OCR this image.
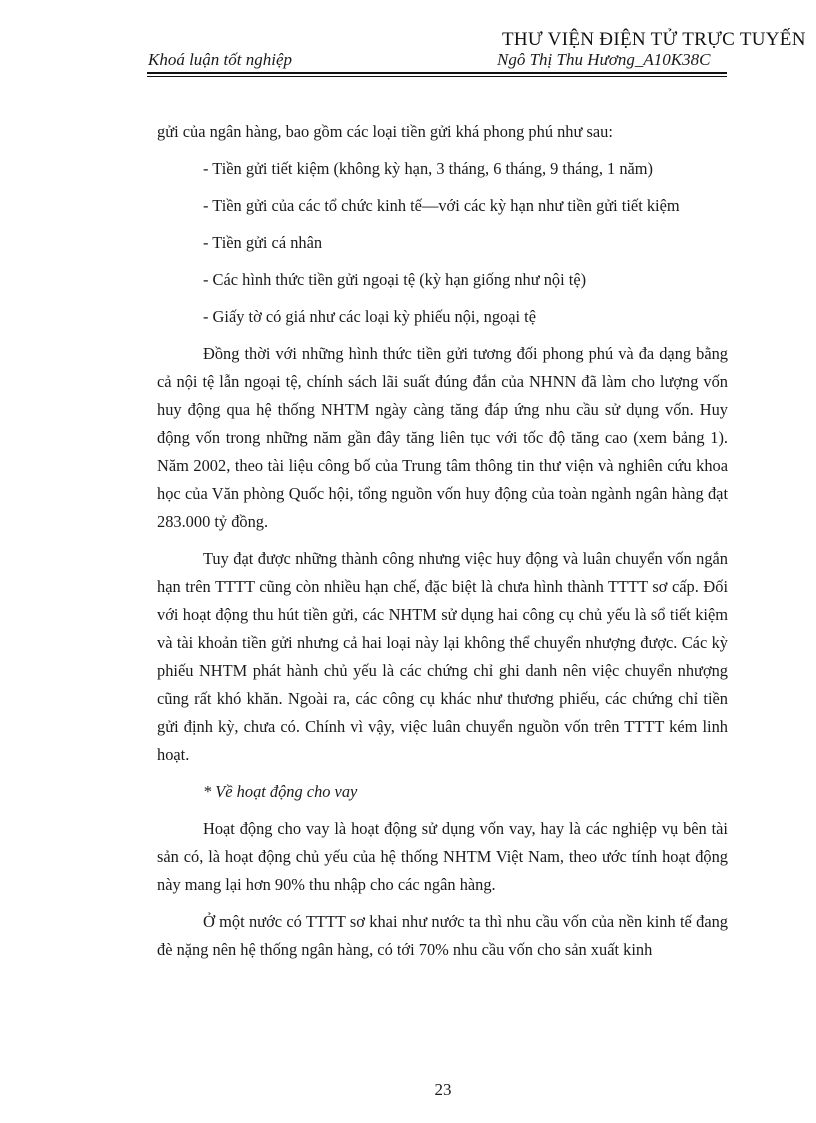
THƯ VIỆN ĐIỆN TỬ TRỰC TUYẾN
Khoá luận tốt nghiệp	Ngô Thị Thu Hương_A10K38C

gửi của ngân hàng, bao gồm các loại tiền gửi khá phong phú như sau:

- Tiền gửi tiết kiệm (không kỳ hạn, 3 tháng, 6 tháng, 9 tháng, 1 năm)

- Tiền gửi của các tổ chức kinh tế—với các kỳ hạn như tiền gửi tiết kiệm

- Tiền gửi cá nhân

- Các hình thức tiền gửi ngoại tệ (kỳ hạn giống như nội tệ)

- Giấy tờ có giá như các loại kỳ phiếu nội, ngoại tệ

Đồng thời với những hình thức tiền gửi tương đối phong phú và đa dạng bằng cả nội tệ lẫn ngoại tệ, chính sách lãi suất đúng đắn của NHNN đã làm cho lượng vốn huy động qua hệ thống NHTM ngày càng tăng đáp ứng nhu cầu sử dụng vốn. Huy động vốn trong những năm gần đây tăng liên tục với tốc độ tăng cao (xem bảng 1). Năm 2002, theo tài liệu công bố của Trung tâm thông tin thư viện và nghiên cứu khoa học của Văn phòng Quốc hội, tổng nguồn vốn huy động của toàn ngành ngân hàng đạt 283.000 tỷ đồng.

Tuy đạt được những thành công nhưng việc huy động và luân chuyển vốn ngắn hạn trên TTTT cũng còn nhiều hạn chế, đặc biệt là chưa hình thành TTTT sơ cấp. Đối với hoạt động thu hút tiền gửi, các NHTM sử dụng hai công cụ chủ yếu là sổ tiết kiệm và tài khoản tiền gửi nhưng cả hai loại này lại không thể chuyển nhượng được. Các kỳ phiếu NHTM phát hành chủ yếu là các chứng chỉ ghi danh nên việc chuyển nhượng cũng rất khó khăn. Ngoài ra, các công cụ khác như thương phiếu, các chứng chỉ tiền gửi định kỳ, chưa có. Chính vì vậy, việc luân chuyển nguồn vốn trên TTTT kém linh hoạt.

* Về hoạt động cho vay

Hoạt động cho vay là hoạt động sử dụng vốn vay, hay là các nghiệp vụ bên tài sản có, là hoạt động chủ yếu của hệ thống NHTM Việt Nam, theo ước tính hoạt động này mang lại hơn 90% thu nhập cho các ngân hàng.

Ở một nước có TTTT sơ khai như nước ta thì nhu cầu vốn của nền kinh tế đang đè nặng nên hệ thống ngân hàng, có tới 70% nhu cầu vốn cho sản xuất kinh

23
